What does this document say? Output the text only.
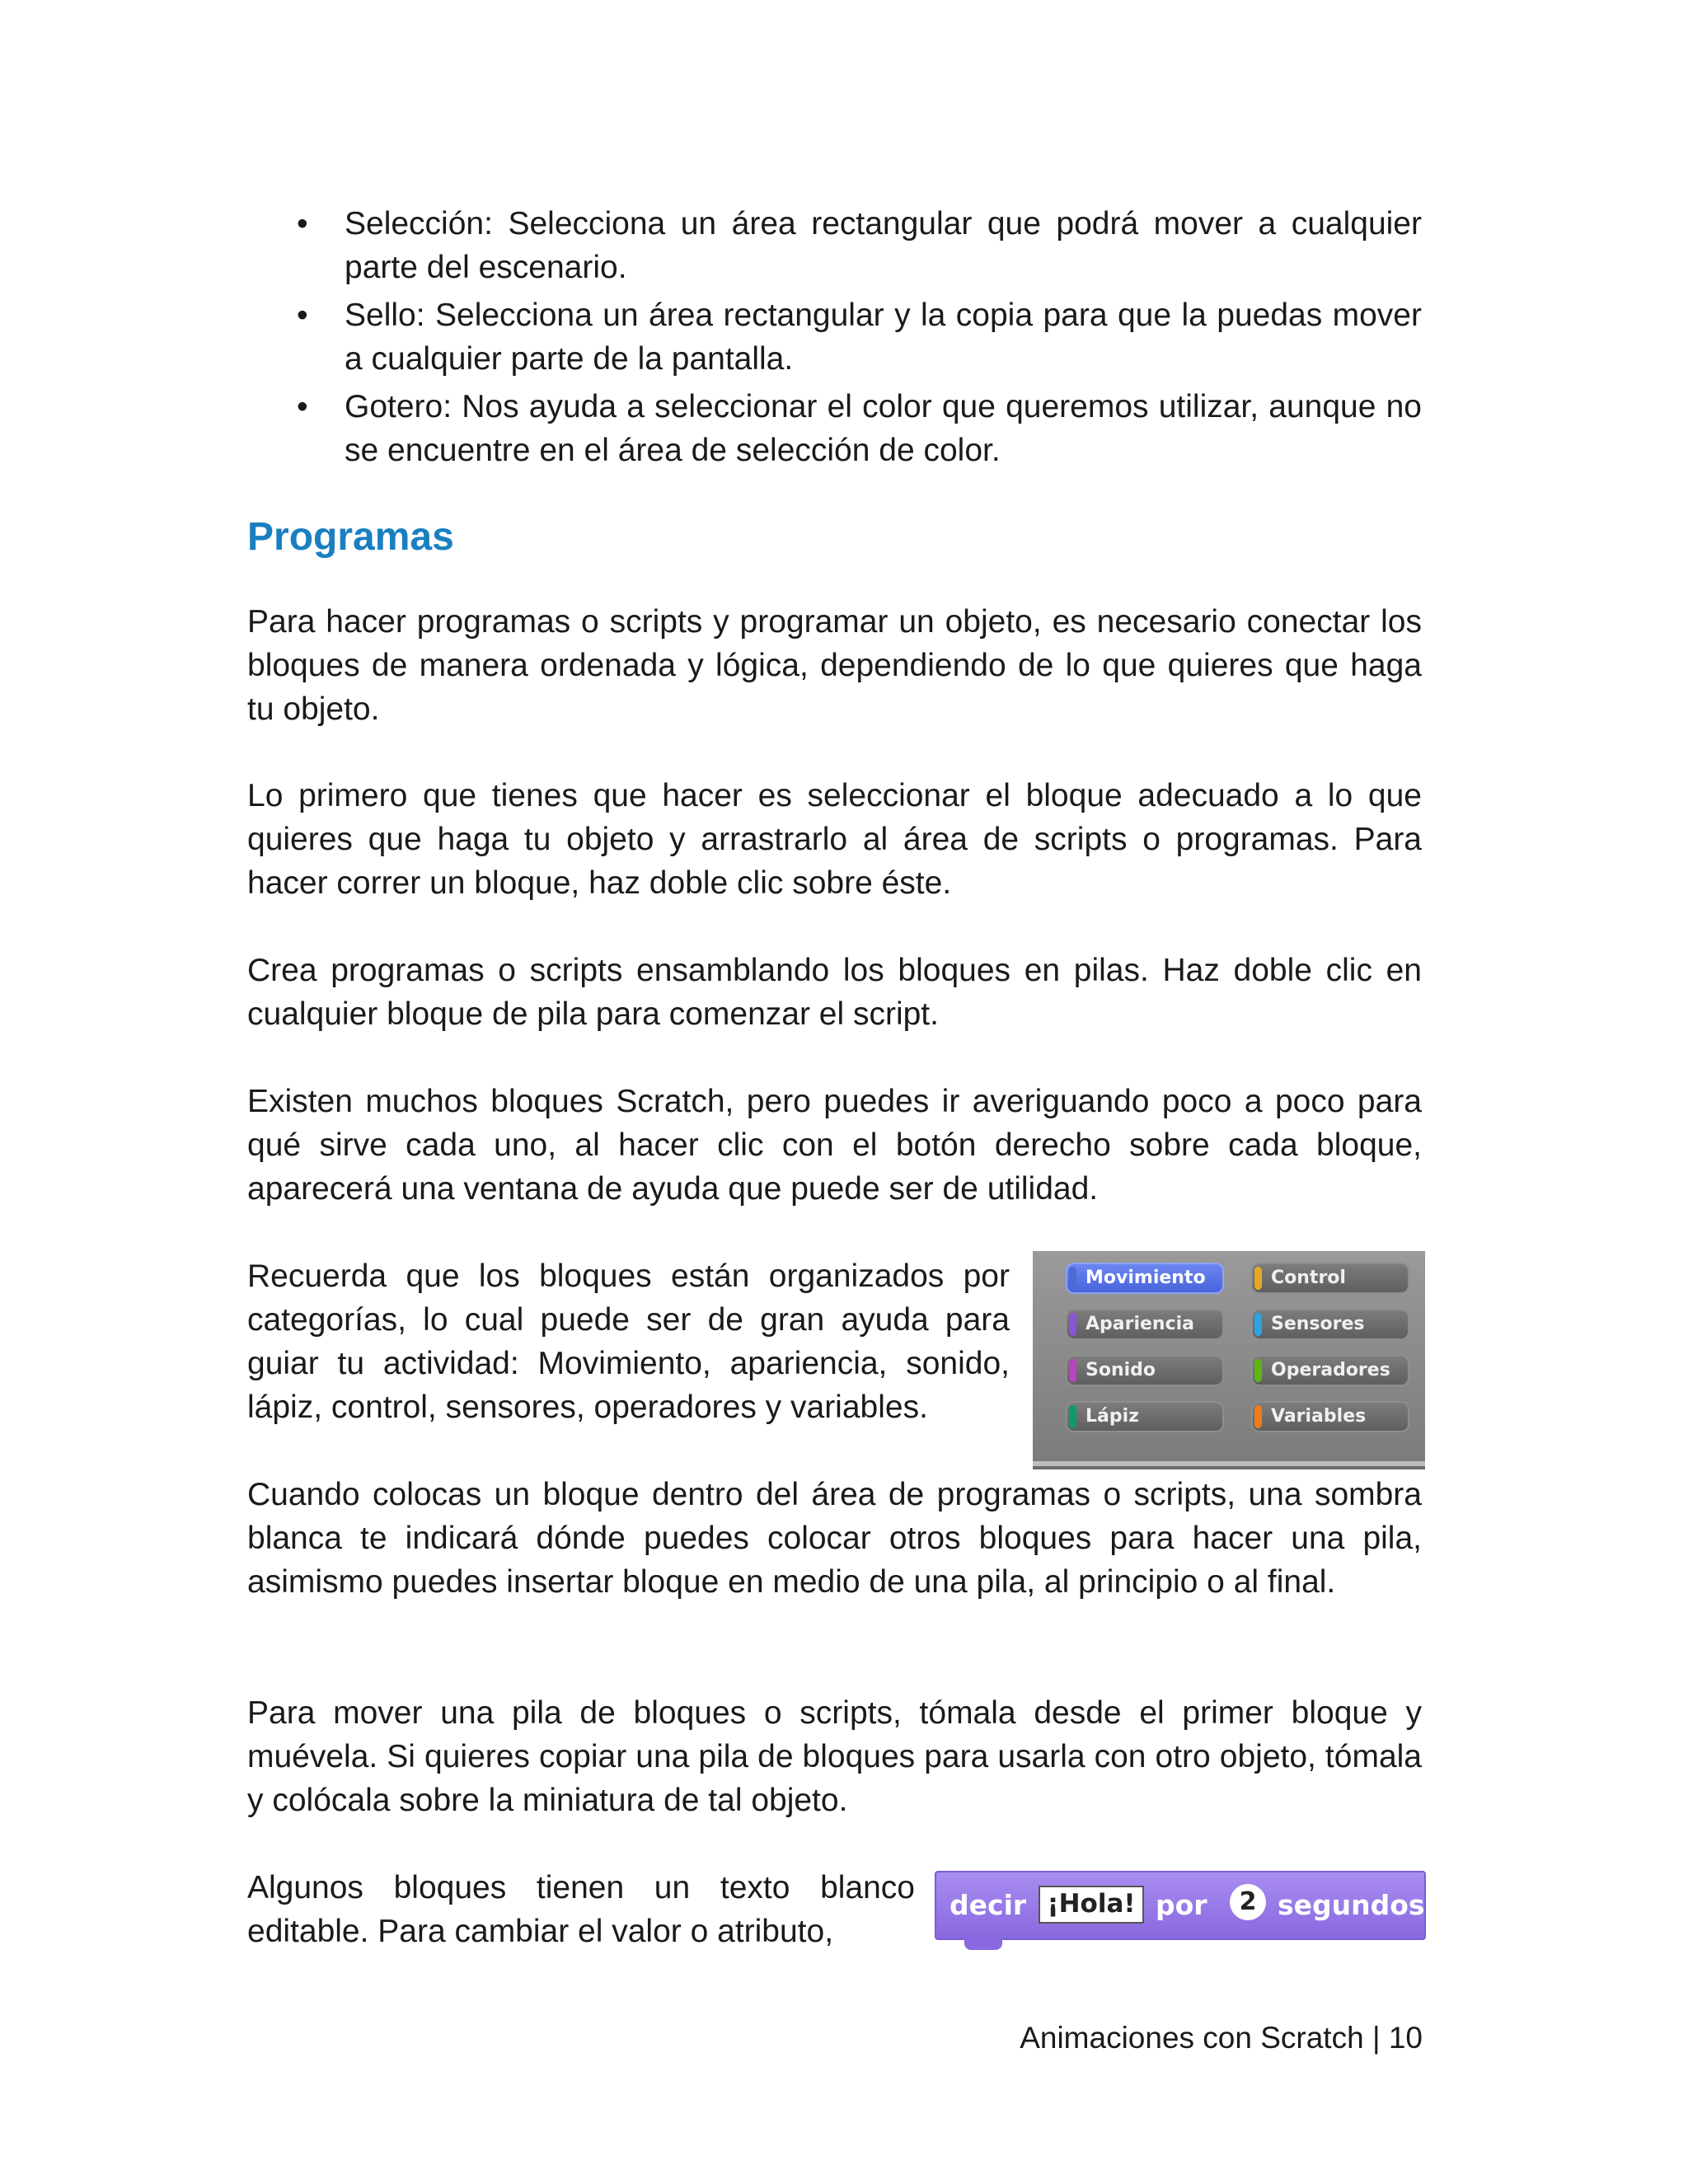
• Selección: Selecciona un área rectangular que podrá mover a cualquier parte del escenario.
• Sello: Selecciona un área rectangular y la copia para que la puedas mover a cualquier parte de la pantalla.
• Gotero: Nos ayuda a seleccionar el color que queremos utilizar, aunque no se encuentre en el área de selección de color.
Programas

Para hacer programas o scripts y programar un objeto, es necesario conectar los bloques de manera ordenada y lógica, dependiendo de lo que quieres que haga tu objeto.

Lo primero que tienes que hacer es seleccionar el bloque adecuado a lo que quieres que haga tu objeto y arrastrarlo al área de scripts o programas. Para hacer correr un bloque, haz doble clic sobre éste.

Crea programas o scripts ensamblando los bloques en pilas. Haz doble clic en cualquier bloque de pila para comenzar el script.

Existen muchos bloques Scratch, pero puedes ir averiguando poco a poco para qué sirve cada uno, al hacer clic con el botón derecho sobre cada bloque, aparecerá una ventana de ayuda que puede ser de utilidad.

Recuerda que los bloques están organizados por categorías, lo cual puede ser de gran ayuda para guiar tu actividad: Movimiento, apariencia, sonido, lápiz, control, sensores, operadores y variables.

Movimiento	Control
Apariencia	Sensores
Sonido	Operadores
Lápiz	Variables

Cuando colocas un bloque dentro del área de programas o scripts, una sombra blanca te indicará dónde puedes colocar otros bloques para hacer una pila, asimismo puedes insertar bloque en medio de una pila, al principio o al final.

Para mover una pila de bloques o scripts, tómala desde el primer bloque y muévela. Si quieres copiar una pila de bloques para usarla con otro objeto, tómala y colócala sobre la miniatura de tal objeto.

Algunos bloques tienen un texto blanco editable. Para cambiar el valor o atributo,

decir ¡Hola! por	2 segundos
Animaciones con Scratch | 10
